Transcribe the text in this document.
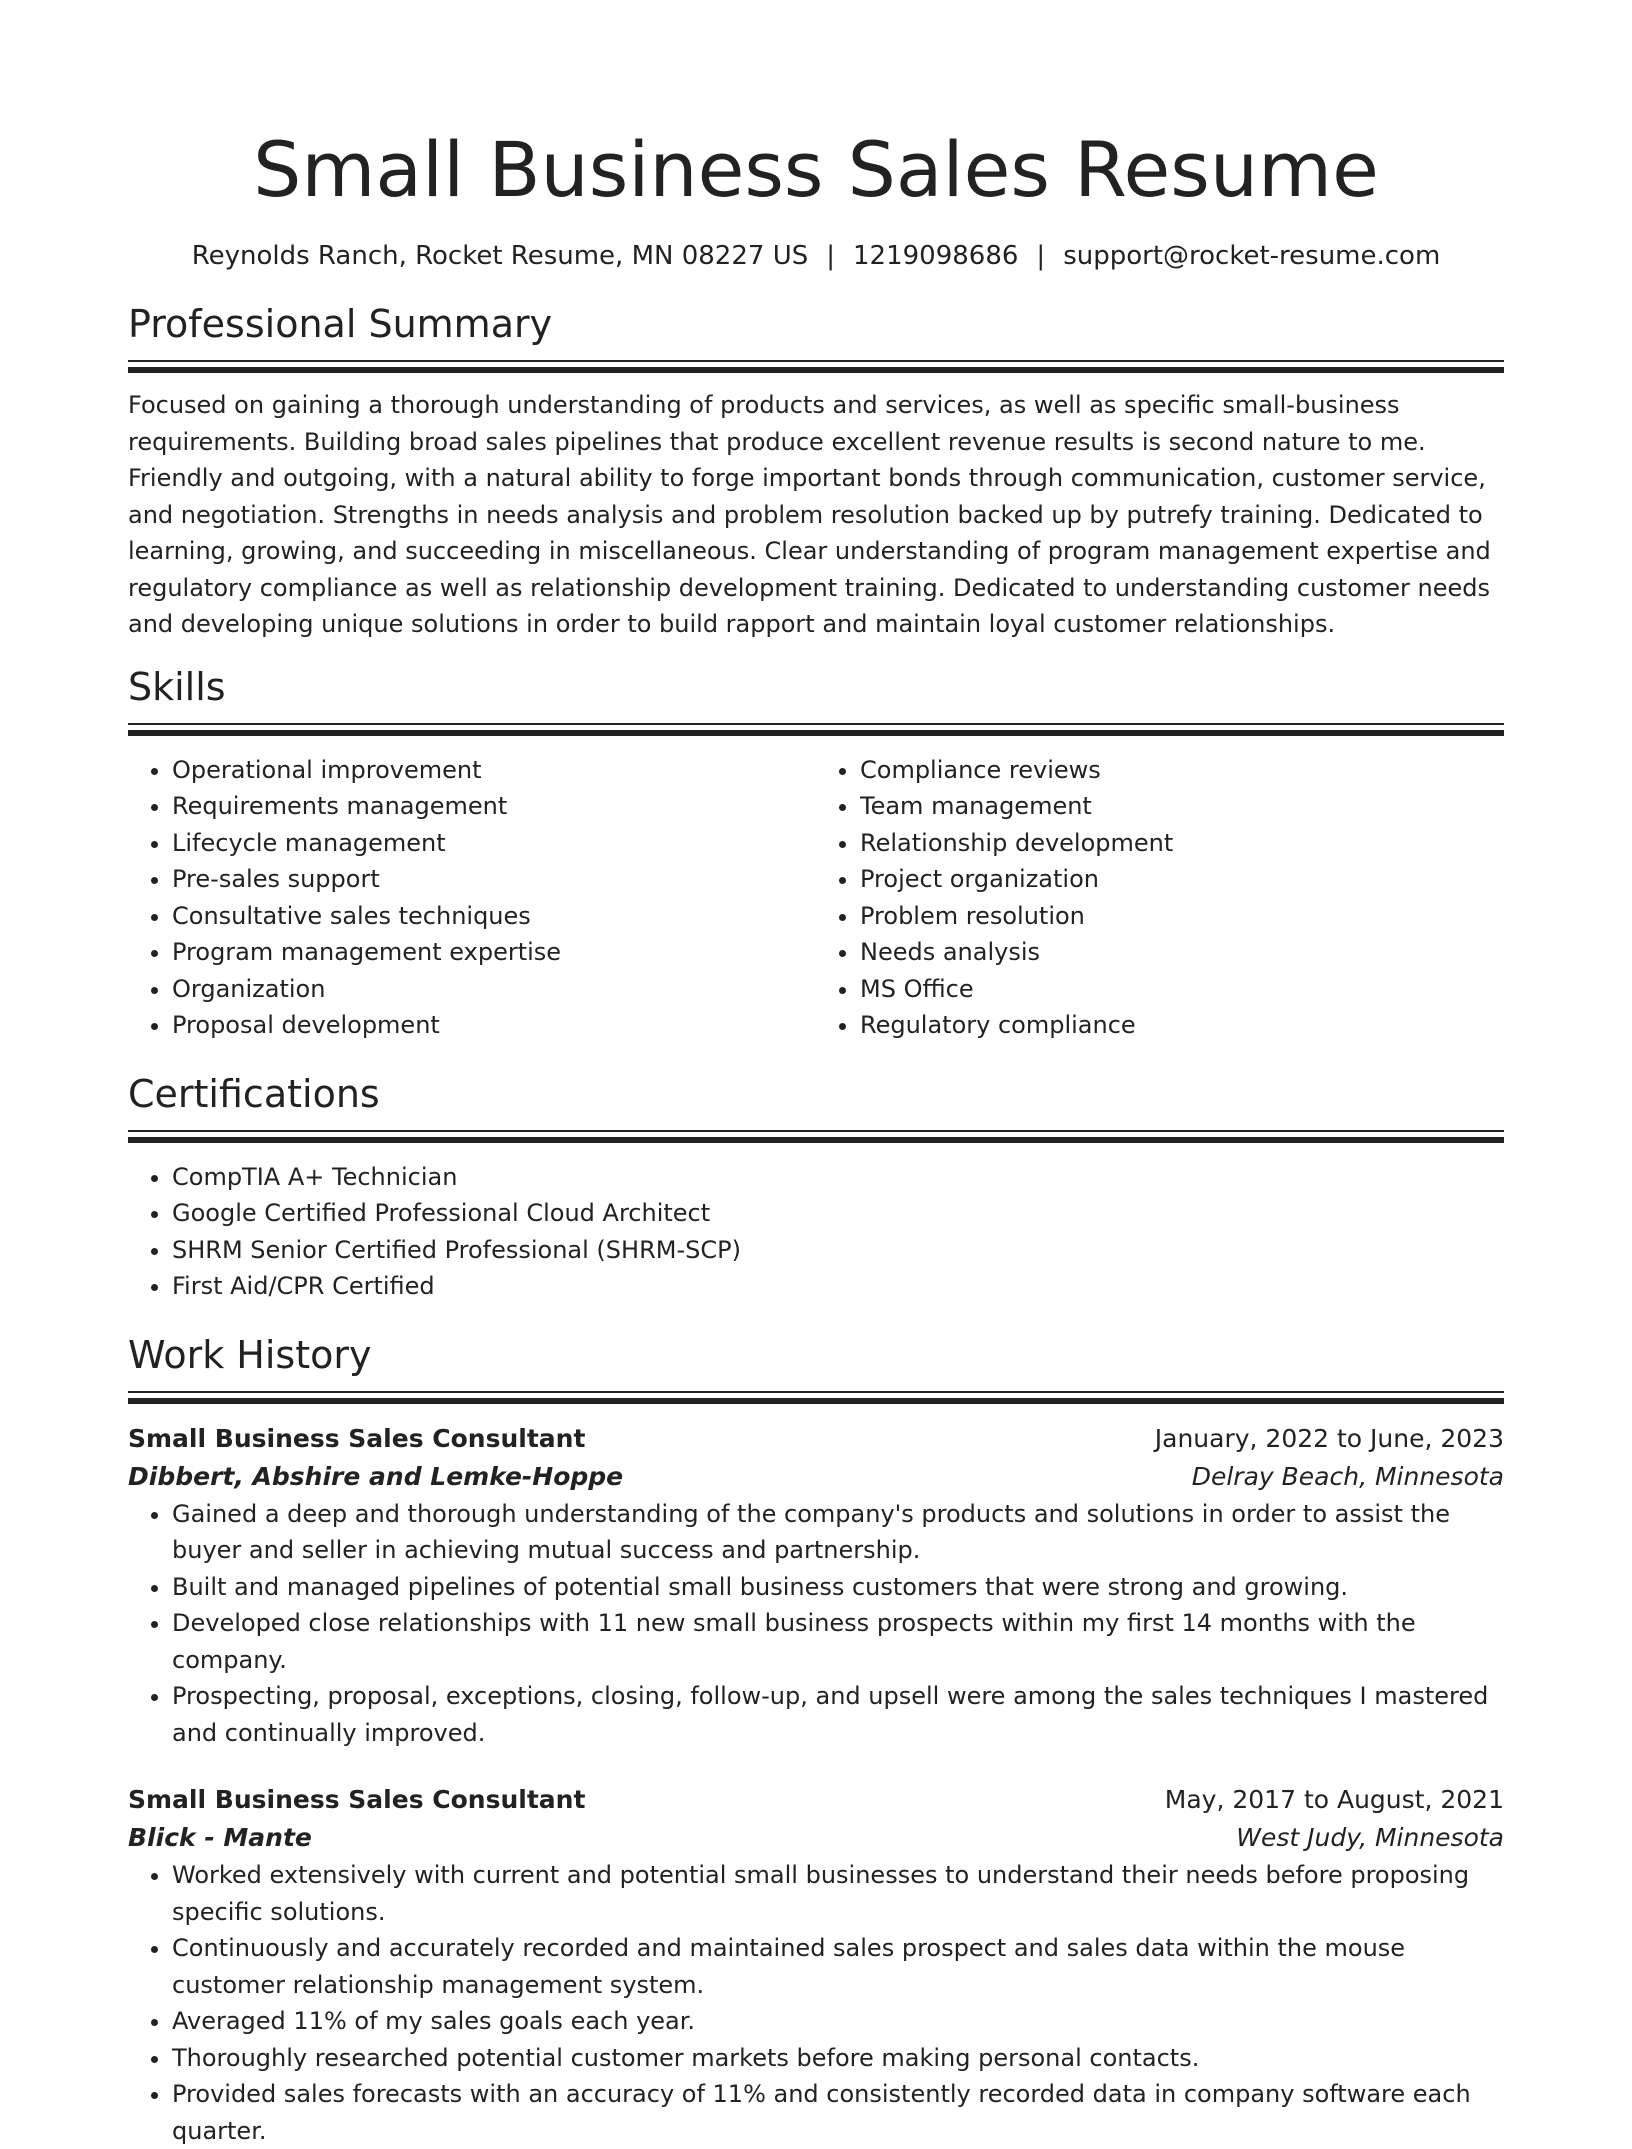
Small Business Sales Resume
Reynolds Ranch, Rocket Resume, MN 08227 US | 1219098686 | support@rocket-resume.com
Professional Summary

Focused on gaining a thorough understanding of products and services, as well as specific small-business requirements. Building broad sales pipelines that produce excellent revenue results is second nature to me. Friendly and outgoing, with a natural ability to forge important bonds through communication, customer service, and negotiation. Strengths in needs analysis and problem resolution backed up by putrefy training. Dedicated to learning, growing, and succeeding in miscellaneous. Clear understanding of program management expertise and regulatory compliance as well as relationship development training. Dedicated to understanding customer needs and developing unique solutions in order to build rapport and maintain loyal customer relationships.

Skills
• Operational improvement
• Requirements management
• Lifecycle management
• Pre-sales support
• Consultative sales techniques
• Program management expertise
• Organization
• Proposal development
• Compliance reviews
• Team management
• Relationship development
• Project organization
• Problem resolution
• Needs analysis
• MS Office
• Regulatory compliance
Certifications
• CompTIA A+ Technician
• Google Certified Professional Cloud Architect
• SHRM Senior Certified Professional (SHRM-SCP)
• First Aid/CPR Certified
Work History
Small Business Sales Consultant	January, 2022 to June, 2023
Dibbert, Abshire and Lemke-Hoppe	Delray Beach, Minnesota
• Gained a deep and thorough understanding of the company's products and solutions in order to assist the buyer and seller in achieving mutual success and partnership.
• Built and managed pipelines of potential small business customers that were strong and growing.
• Developed close relationships with 11 new small business prospects within my first 14 months with the company.
• Prospecting, proposal, exceptions, closing, follow-up, and upsell were among the sales techniques I mastered and continually improved.
Small Business Sales Consultant	May, 2017 to August, 2021
Blick - Mante	West Judy, Minnesota
• Worked extensively with current and potential small businesses to understand their needs before proposing specific solutions.
• Continuously and accurately recorded and maintained sales prospect and sales data within the mouse customer relationship management system.
• Averaged 11% of my sales goals each year.
• Thoroughly researched potential customer markets before making personal contacts.
• Provided sales forecasts with an accuracy of 11% and consistently recorded data in company software each quarter.
